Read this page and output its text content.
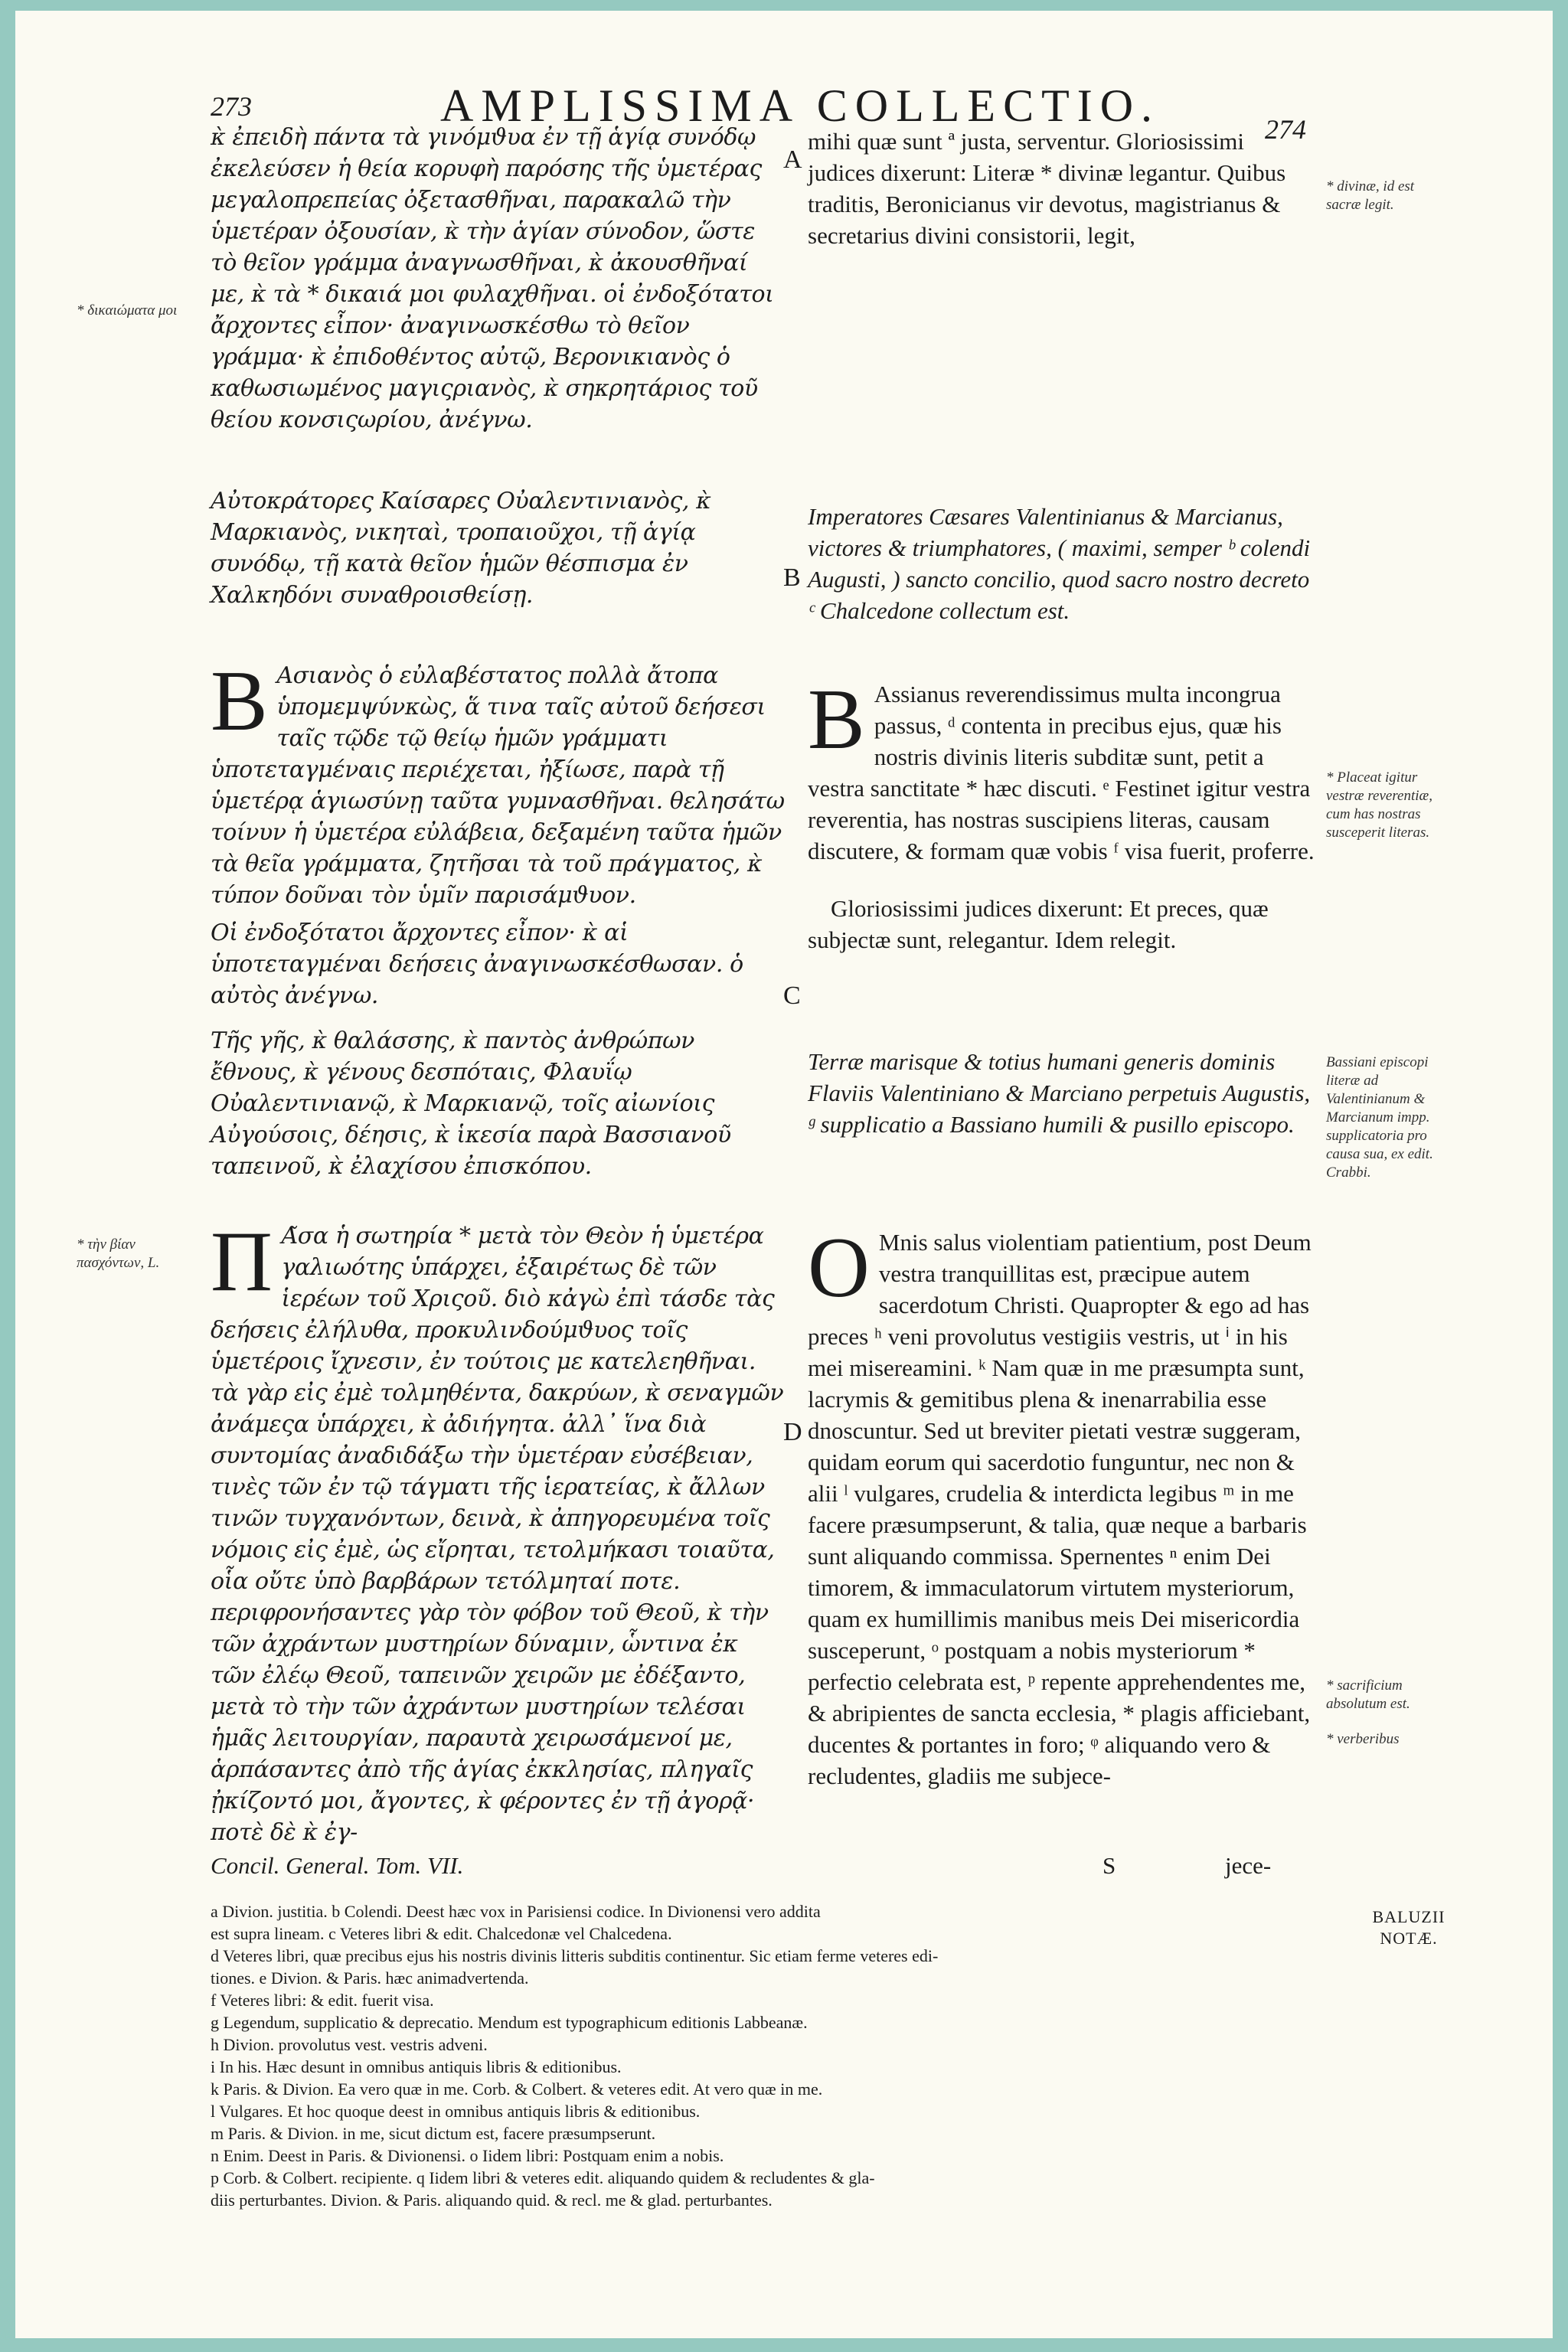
273	AMPLISSIMA COLLECTIO.	274

κ̀ ἐπειδὴ πάντα τὰ γινόμϑυα ἐν τῇ ἁγίᾳ συνόδῳ ἐκελεύσεν ἡ θεία κορυφὴ παρόσης τῆς ὑμετέρας μεγαλοπρεπείας ὀξετασθῆναι, παρακαλῶ τὴν ὑμετέραν ὀξουσίαν, κ̀ τὴν ἁγίαν σύνοδον, ὥστε τὸ θεῖον γράμμα ἀναγνωσθῆναι, κ̀ ἀκουσθῆναί με, κ̀ τὰ * δικαιά μοι φυλαχθῆναι. οἱ ἐνδοξότατοι ἄρχοντες εἶπον· ἀναγινωσκέσθω τὸ θεῖον γράμμα· κ̀ ἐπιδοθέντος αὐτῷ, Βερονικιανὸς ὁ καθωσιωμένος μαγιςριανὸς, κ̀ σηκρητάριος τοῦ θείου κονσιςωρίου, ἀνέγνω.

mihi quæ sunt ª justa, serventur. Gloriosissimi judices dixerunt: Literæ * divinæ legantur. Quibus traditis, Beronicianus vir devotus, magistrianus & secretarius divini consistorii, legit,

Αὐτοκράτορες Καίσαρες Οὐαλεντινιανὸς, κ̀ Μαρκιανὸς, νικηταὶ, τροπαιοῦχοι, τῇ ἁγίᾳ συνόδῳ, τῇ κατὰ θεῖον ἡμῶν θέσπισμα ἐν Χαλκηδόνι συναθροισθείσῃ.

Imperatores Cæsares Valentinianus & Marcianus, victores & triumphatores, ( maximi, semper ᵇ colendi Augusti, ) sancto concilio, quod sacro nostro decreto ᶜ Chalcedone collectum est.

Β Ασιανὸς ὁ εὐλαβέστατος πολλὰ ἄτοπα ὑπομεμψύνκὼς, ἅ τινα ταῖς αὐτοῦ δεήσεσι ταῖς τῷδε τῷ θείῳ ἡμῶν γράμματι ὑποτεταγμέναις περιέχεται, ἠξίωσε, παρὰ τῇ ὑμετέρᾳ ἁγιωσύνῃ ταῦτα γυμνασθῆναι. θελησάτω τοίνυν ἡ ὑμετέρα εὐλάβεια, δεξαμένη ταῦτα ἡμῶν τὰ θεῖα γράμματα, ζητῆσαι τὰ τοῦ πράγματος, κ̀ τύπον δοῦναι τὸν ὑμῖν παρισάμϑυον.

Οἱ ἐνδοξότατοι ἄρχοντες εἶπον· κ̀ αἱ ὑποτεταγμέναι δεήσεις ἀναγινωσκέσθωσαν. ὁ αὐτὸς ἀνέγνω.

B Assianus reverendissimus multa incongrua passus, ᵈ contenta in precibus ejus, quæ his nostris divinis literis subditæ sunt, petit a vestra sanctitate * hæc discuti. ᵉ Festinet igitur vestra reverentia, has nostras suscipiens literas, causam discutere, & formam quæ vobis ᶠ visa fuerit, proferre.

Gloriosissimi judices dixerunt: Et preces, quæ subjectæ sunt, relegantur. Idem relegit.

Τῆς γῆς, κ̀ θαλάσσης, κ̀ παντὸς ἀνθρώπων ἔθνους, κ̀ γένους δεσπόταις, Φλαυΐῳ Οὐαλεντινιανῷ, κ̀ Μαρκιανῷ, τοῖς αἰωνίοις Αὐγούσοις, δέησις, κ̀ ἱκεσία παρὰ Βασσιανοῦ ταπεινοῦ, κ̀ ἐλαχίσου ἐπισκόπου.

Terræ marisque & totius humani generis dominis Flaviis Valentiniano & Marciano perpetuis Augustis, ᵍ supplicatio a Bassiano humili & pusillo episcopo.

Π Α̃σα ἡ σωτηρία * μετὰ τὸν Θεὸν ἡ ὑμετέρα γαλιωότης ὑπάρχει, ἐξαιρέτως δὲ τῶν ἱερέων τοῦ Χριςοῦ. διὸ κἀγὼ ἐπὶ τάσδε τὰς δεήσεις ἐλήλυθα, προκυλινδούμϑυος τοῖς ὑμετέροις ἴχνεσιν, ἐν τούτοις με κατελεηθῆναι. τὰ γὰρ εἰς ἐμὲ τολμηθέντα, δακρύων, κ̀ σεναγμῶν ἀνάμεςα ὑπάρχει, κ̀ ἀδιήγητα. ἀλλ᾽ ἵνα διὰ συντομίας ἀναδιδάξω τὴν ὑμετέραν εὐσέβειαν, τινὲς τῶν ἐν τῷ τάγματι τῆς ἱερατείας, κ̀ ἄλλων τινῶν τυγχανόντων, δεινὰ, κ̀ ἀπηγορευμένα τοῖς νόμοις εἰς ἐμὲ, ὡς εἴρηται, τετολμήκασι τοιαῦτα, οἷα οὔτε ὑπὸ βαρβάρων τετόλμηταί ποτε. περιφρονήσαντες γὰρ τὸν φόβον τοῦ Θεοῦ, κ̀ τὴν τῶν ἀχράντων μυστηρίων δύναμιν, ὧντινα ἐκ τῶν ἐλέῳ Θεοῦ, ταπεινῶν χειρῶν με ἐδέξαντο, μετὰ τὸ τὴν τῶν ἀχράντων μυστηρίων τελέσαι ἡμᾶς λειτουργίαν, παραυτὰ χειρωσάμενοί με, ἁρπάσαντες ἀπὸ τῆς ἁγίας ἐκκλησίας, πληγαῖς ᾐκίζοντό μοι, ἄγοντες, κ̀ φέροντες ἐν τῇ ἀγορᾷ· ποτὲ δὲ κ̀ ἐγ-

O Mnis salus violentiam patientium, post Deum vestra tranquillitas est, præcipue autem sacerdotum Christi. Quapropter & ego ad has preces ʰ veni provolutus vestigiis vestris, ut ⁱ in his mei misereamini. ᵏ Nam quæ in me præsumpta sunt, lacrymis & gemitibus plena & inenarrabilia esse dnoscuntur. Sed ut breviter pietati vestræ suggeram, quidam eorum qui sacerdotio funguntur, nec non & alii ˡ vulgares, crudelia & interdicta legibus ᵐ in me facere præsumpserunt, & talia, quæ neque a barbaris sunt aliquando commissa. Spernentes ⁿ enim Dei timorem, & immaculatorum virtutem mysteriorum, quam ex humillimis manibus meis Dei misericordia susceperunt, ᵒ postquam a nobis mysteriorum * perfectio celebrata est, ᵖ repente apprehendentes me, & abripientes de sancta ecclesia, * plagis afficiebant, ducentes & portantes in foro; ᵠ aliquando vero & recludentes, gladiis me subjece-

A
B
C
D
* δικαιώματα μοι
* τὴν βίαν πασχόντων, L.
* divinæ, id est sacræ legit.
* Placeat igitur vestræ reverentiæ, cum has nostras susceperit literas.
Bassiani episcopi literæ ad Valentinianum & Marcianum impp. supplicatoria pro causa sua, ex edit. Crabbi.
* sacrificium absolutum est.
* verberibus
Concil. General. Tom. VII.	S	jece-
a Divion. justitia. b Colendi. Deest hæc vox in Parisiensi codice. In Divionensi vero addita
est supra lineam. c Veteres libri & edit. Chalcedonæ vel Chalcedena.
d Veteres libri, quæ precibus ejus his nostris divinis litteris subditis continentur. Sic etiam ferme veteres edi-
tiones. e Divion. & Paris. hæc animadvertenda.
f Veteres libri: & edit. fuerit visa.
g Legendum, supplicatio & deprecatio. Mendum est typographicum editionis Labbeanæ.
h Divion. provolutus vest. vestris adveni.
i In his. Hæc desunt in omnibus antiquis libris & editionibus.
k Paris. & Divion. Ea vero quæ in me. Corb. & Colbert. & veteres edit. At vero quæ in me.
l Vulgares. Et hoc quoque deest in omnibus antiquis libris & editionibus.
m Paris. & Divion. in me, sicut dictum est, facere præsumpserunt.
n Enim. Deest in Paris. & Divionensi. o Iidem libri: Postquam enim a nobis.
p Corb. & Colbert. recipiente. q Iidem libri & veteres edit. aliquando quidem & recludentes & gla-
diis perturbantes. Divion. & Paris. aliquando quid. & recl. me & glad. perturbantes.
BALUZII NOTÆ.
